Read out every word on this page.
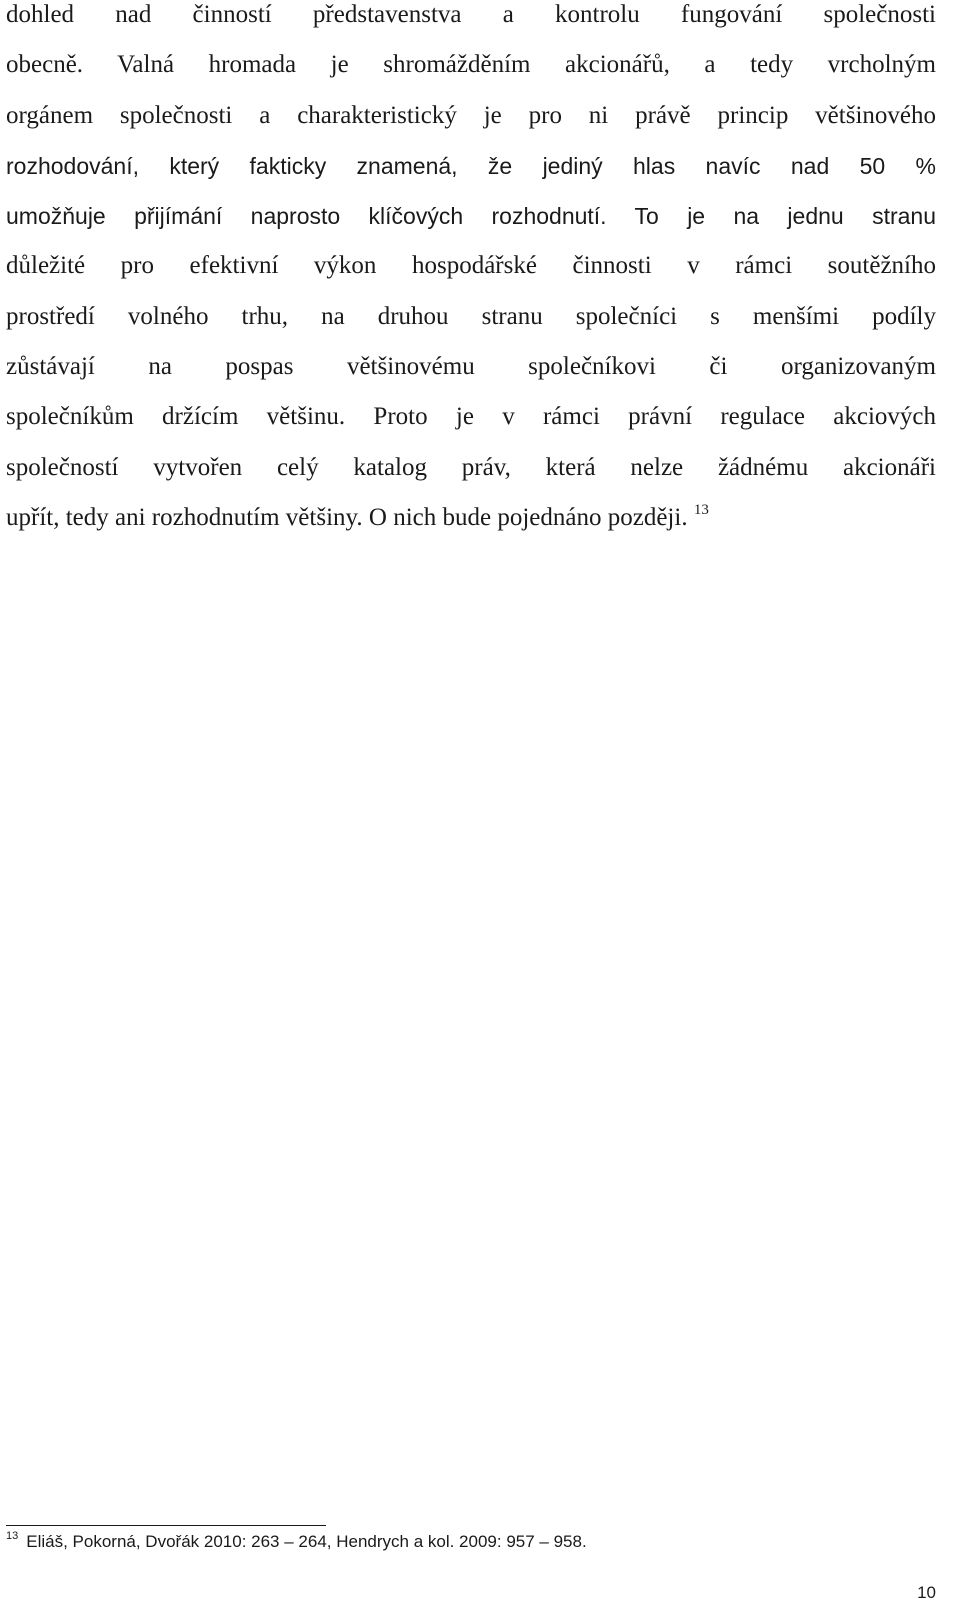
dohled nad činností představenstva a kontrolu fungování společnosti
obecně. Valná hromada je shromážděním akcionářů, a tedy vrcholným
orgánem společnosti a charakteristický je pro ni právě princip většinového
rozhodování, který fakticky znamená, že jediný hlas navíc nad 50 %
umožňuje přijímání naprosto klíčových rozhodnutí. To je na jednu stranu
důležité pro efektivní výkon hospodářské činnosti v rámci soutěžního
prostředí volného trhu, na druhou stranu společníci s menšími podíly
zůstávají na pospas většinovému společníkovi či organizovaným
společníkům držícím většinu. Proto je v rámci právní regulace akciových
společností vytvořen celý katalog práv, která nelze žádnému akcionáři
upřít, tedy ani rozhodnutím většiny. O nich bude pojednáno později. $^{13}$
$^{13}$ Eliáš, Pokorná, Dvořák 2010: 263 – 264, Hendrych a kol. 2009: 957 – 958.
10
